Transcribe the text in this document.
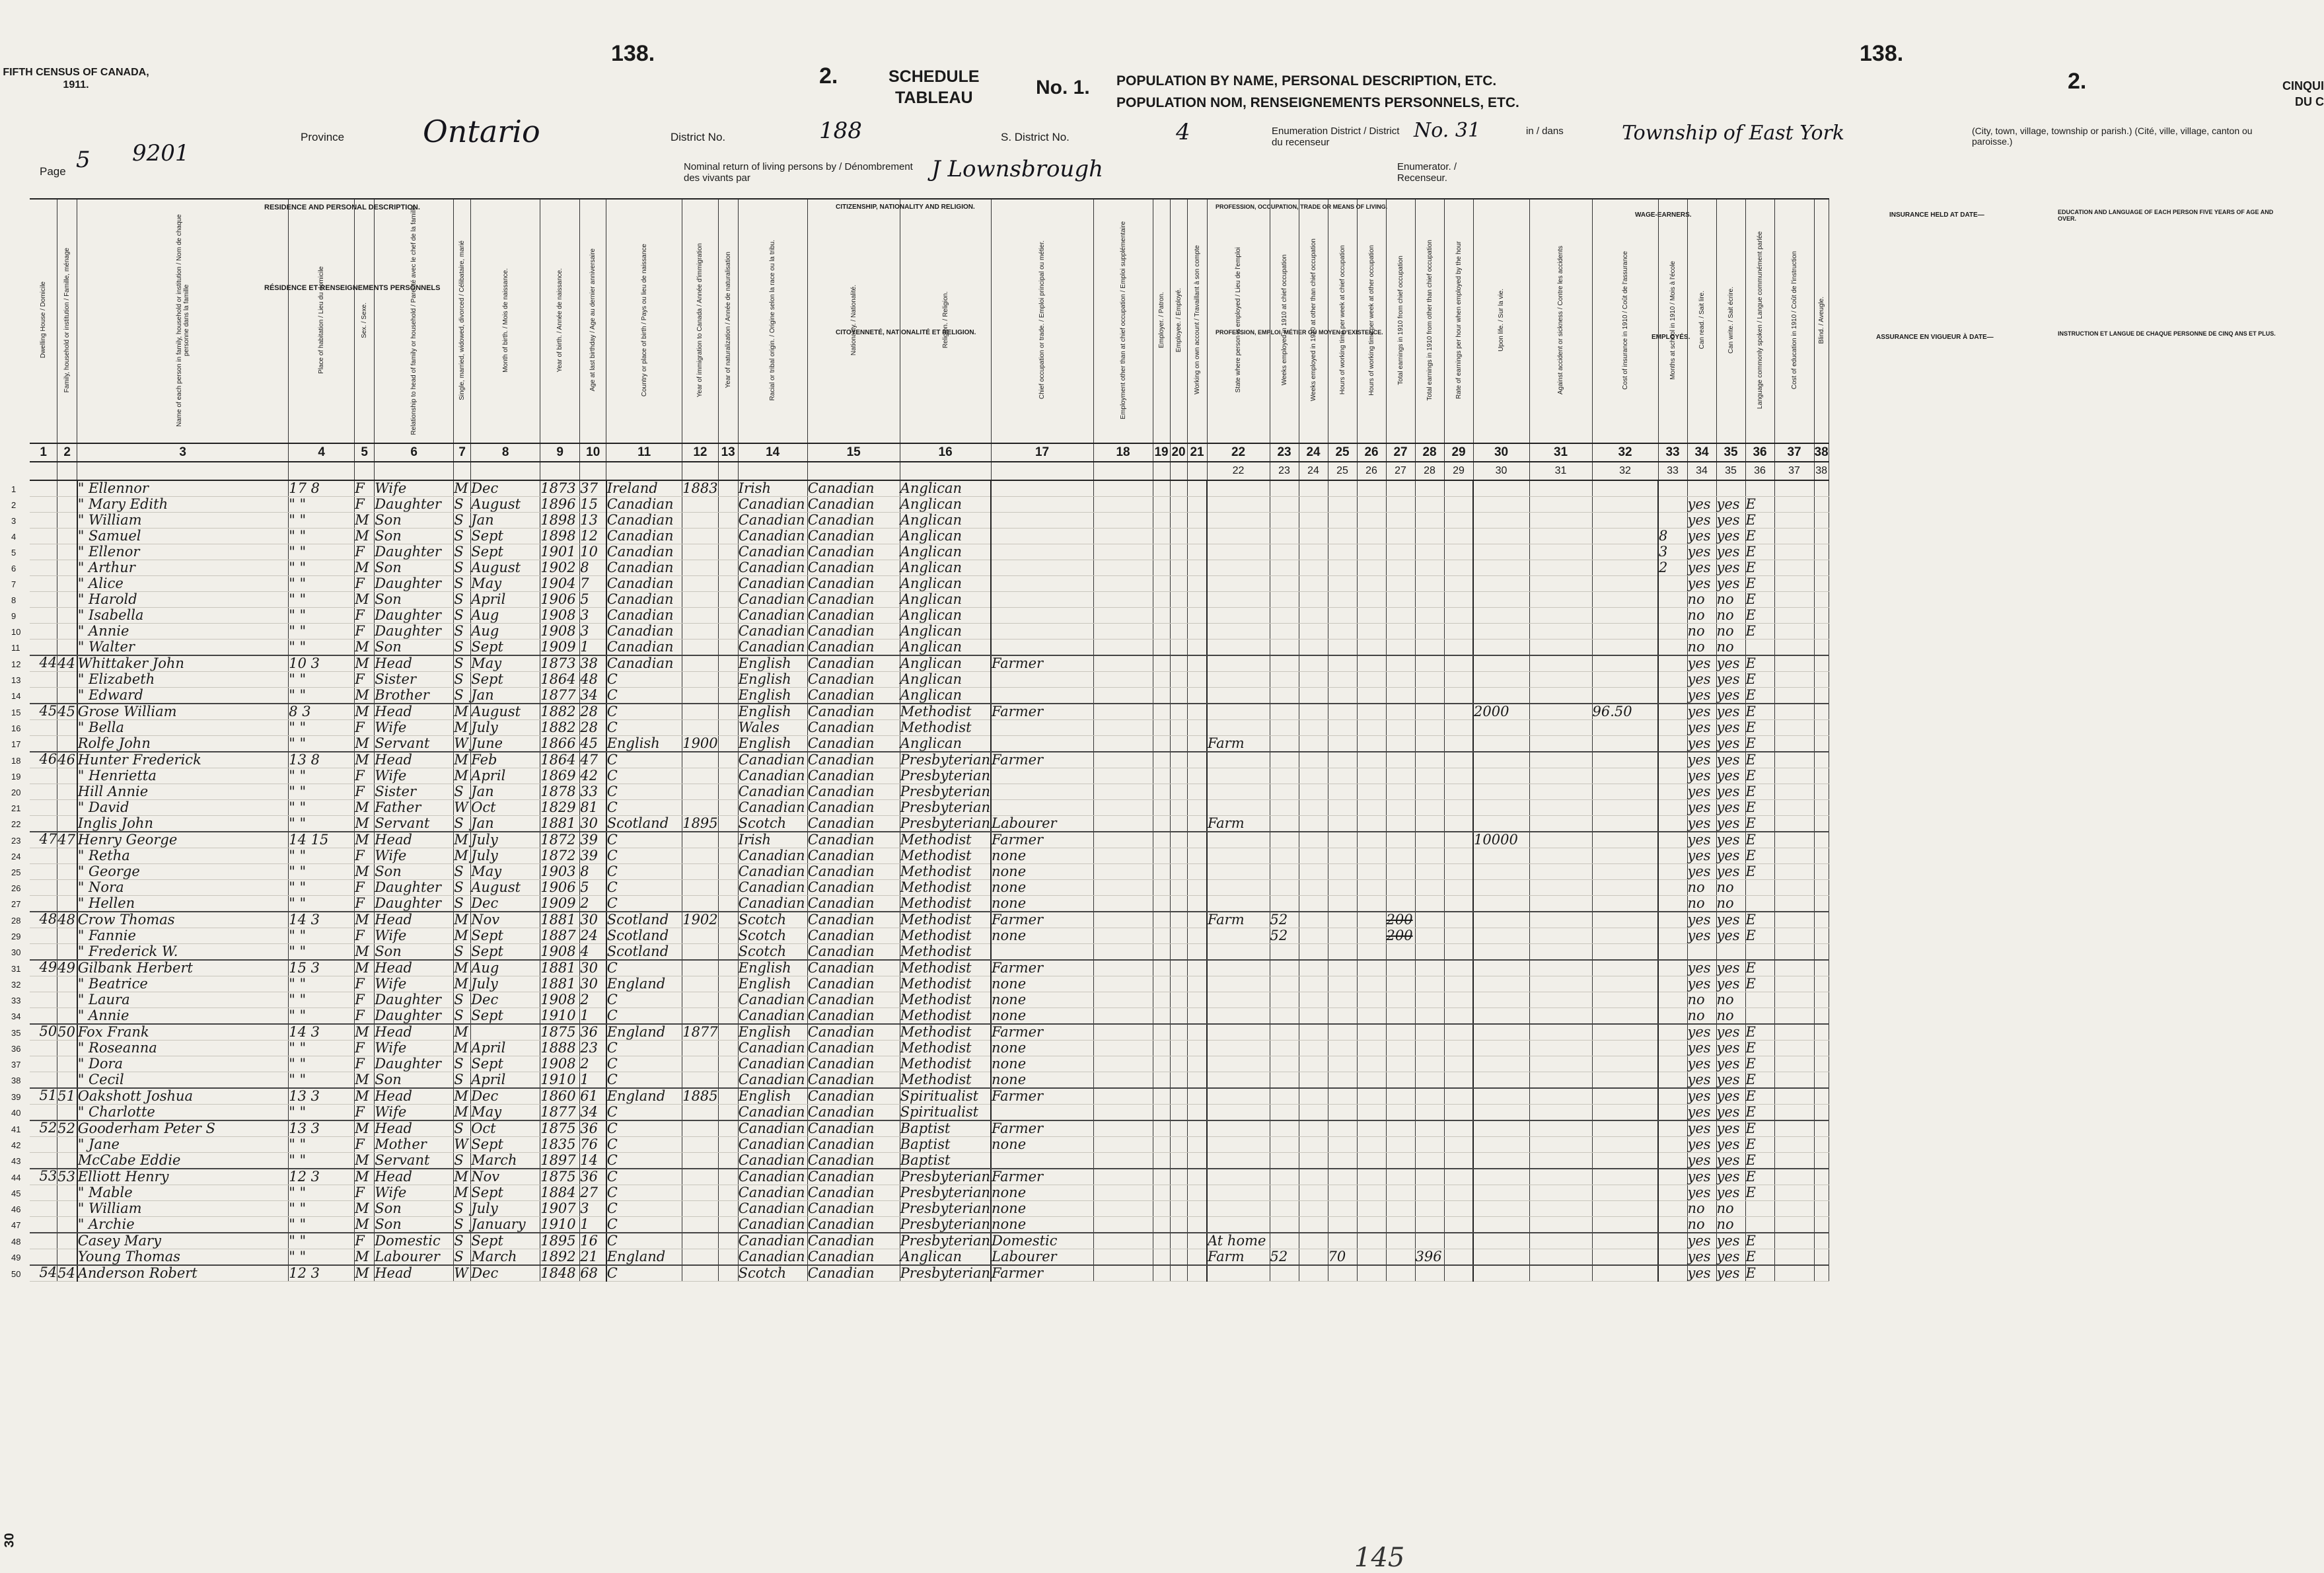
FIFTH CENSUS OF CANADA, 1911.
138.	138.
2.	2.
SCHEDULE
TABLEAU	No. 1. POPULATION BY NAME, PERSONAL DESCRIPTION, ETC.
POPULATION NOM, RENSEIGNEMENTS PERSONNELS, ETC.
CINQUI DU C
Page 5 9201
Province	Ontario	District No.	188	S. District No.	4	Enumeration District / District du recenseur
No. 31	in / dans	Township of East York	(City, town, village, township or parish.) (Cité, ville, village, canton ou paroisse.)
Nominal return of living persons by / Dénombrement des vivants par	J Lownsbrough	Enumerator. / Recenseur.
RESIDENCE AND PERSONAL DESCRIPTION.
RÉSIDENCE ET RENSEIGNEMENTS PERSONNELS
CITIZENSHIP, NATIONALITY AND RELIGION.
CITOYENNETÉ, NATIONALITÉ ET RELIGION.
PROFESSION, OCCUPATION, TRADE OR MEANS OF LIVING.
PROFESSION, EMPLOI, MÉTIER OU MOYEN D'EXISTENCE.
WAGE-EARNERS.
EMPLOYÉS.
INSURANCE HELD AT DATE—
ASSURANCE EN VIGUEUR À DATE—
EDUCATION AND LANGUAGE OF EACH PERSON FIVE YEARS OF AGE AND OVER.
INSTRUCTION ET LANGUE DE CHAQUE PERSONNE DE CINQ ANS ET PLUS.
Dwelling House / Domicile	Family, household or institution / Famille, ménage	Name of each person in family, household or institution / Nom de chaque personne dans la famille	Place of habitation / Lieu du domicile	Sex. / Sexe.	Relationship to head of family or household / Parenté avec le chef de la famille	Single, married, widowed, divorced / Célibataire, marié	Month of birth. / Mois de naissance.	Year of birth. / Année de naissance.	Age at last birthday / Age au dernier anniversaire	Country or place of birth / Pays ou lieu de naissance	Year of immigration to Canada / Année d'immigration	Year of naturalization / Année de naturalisation	Racial or tribal origin. / Origine selon la race ou la tribu.	Nationality. / Nationalité.	Religion. / Religion.	Chief occupation or trade. / Emploi principal ou métier.	Employment other than at chief occupation / Emploi supplémentaire	Employer. / Patron.	Employee. / Employé.	Working on own account / Travaillant à son compte	State where person is employed / Lieu de l'emploi	Weeks employed in 1910 at chief occupation	Weeks employed in 1910 at other than chief occupation	Hours of working time per week at chief occupation	Hours of working time per week at other occupation	Total earnings in 1910 from chief occupation	Total earnings in 1910 from other than chief occupation	Rate of earnings per hour when employed by the hour	Upon life. / Sur la vie.	Against accident or sickness / Contre les accidents	Cost of insurance in 1910 / Coût de l'assurance	Months at school in 1910 / Mois à l'école	Can read. / Sait lire.	Can write. / Sait écrire.	Language commonly spoken / Langue communément parlée	Cost of education in 1910 / Coût de l'instruction	Blind. / Aveugle.
1	2	3	4	5	6	7	8	9	10	11	12	13	14	15	16	17	18	19	20	21	22	23	24	25	26	27	28	29	30	31	32	33	34	35	36	37	38
																					22	23	24	25	26	27	28	29	30	31	32	33	34	35	36	37	38
1		" Ellennor	17 8	F	Wife	M	Dec	1873	37	Ireland	1883		Irish	Canadian	Anglican																						
2		" Mary Edith	" "	F	Daughter	S	August	1896	15	Canadian			Canadian	Canadian	Anglican																		yes	yes	E		
3		" William	" "	M	Son	S	Jan	1898	13	Canadian			Canadian	Canadian	Anglican																		yes	yes	E		
4		" Samuel	" "	M	Son	S	Sept	1898	12	Canadian			Canadian	Canadian	Anglican																	8	yes	yes	E		
5		" Ellenor	" "	F	Daughter	S	Sept	1901	10	Canadian			Canadian	Canadian	Anglican																	3	yes	yes	E		
6		" Arthur	" "	M	Son	S	August	1902	8	Canadian			Canadian	Canadian	Anglican																	2	yes	yes	E		
7		" Alice	" "	F	Daughter	S	May	1904	7	Canadian			Canadian	Canadian	Anglican																		yes	yes	E		
8		" Harold	" "	M	Son	S	April	1906	5	Canadian			Canadian	Canadian	Anglican																		no	no	E		
9		" Isabella	" "	F	Daughter	S	Aug	1908	3	Canadian			Canadian	Canadian	Anglican																		no	no	E		
10		" Annie	" "	F	Daughter	S	Aug	1908	3	Canadian			Canadian	Canadian	Anglican																		no	no	E		
11		" Walter	" "	M	Son	S	Sept	1909	1	Canadian			Canadian	Canadian	Anglican																		no	no			
12 44	44	Whittaker John	10 3	M	Head	S	May	1873	38	Canadian			English	Canadian	Anglican	Farmer																	yes	yes	E		
13		" Elizabeth	" "	F	Sister	S	Sept	1864	48	C			English	Canadian	Anglican																		yes	yes	E		
14		" Edward	" "	M	Brother	S	Jan	1877	34	C			English	Canadian	Anglican																		yes	yes	E		
15 45	45	Grose William	8 3	M	Head	M	August	1882	28	C			English	Canadian	Methodist	Farmer													2000		96.50		yes	yes	E		
16		" Bella	" "	F	Wife	M	July	1882	28	C			Wales	Canadian	Methodist																		yes	yes	E		
17		Rolfe John	" "	M	Servant	W	June	1866	45	English	1900		English	Canadian	Anglican						Farm												yes	yes	E		
18 46	46	Hunter Frederick	13 8	M	Head	M	Feb	1864	47	C			Canadian	Canadian	Presbyterian	Farmer																	yes	yes	E		
19		" Henrietta	" "	F	Wife	M	April	1869	42	C			Canadian	Canadian	Presbyterian																		yes	yes	E		
20		Hill Annie	" "	F	Sister	S	Jan	1878	33	C			Canadian	Canadian	Presbyterian																		yes	yes	E		
21		" David	" "	M	Father	W	Oct	1829	81	C			Canadian	Canadian	Presbyterian																		yes	yes	E		
22		Inglis John	" "	M	Servant	S	Jan	1881	30	Scotland	1895		Scotch	Canadian	Presbyterian	Labourer					Farm												yes	yes	E		
23 47	47	Henry George	14 15	M	Head	M	July	1872	39	C			Irish	Canadian	Methodist	Farmer													10000				yes	yes	E		
24		" Retha	" "	F	Wife	M	July	1872	39	C			Canadian	Canadian	Methodist	none																	yes	yes	E		
25		" George	" "	M	Son	S	May	1903	8	C			Canadian	Canadian	Methodist	none																	yes	yes	E		
26		" Nora	" "	F	Daughter	S	August	1906	5	C			Canadian	Canadian	Methodist	none																	no	no			
27		" Hellen	" "	F	Daughter	S	Dec	1909	2	C			Canadian	Canadian	Methodist	none																	no	no			
28 48	48	Crow Thomas	14 3	M	Head	M	Nov	1881	30	Scotland	1902		Scotch	Canadian	Methodist	Farmer					Farm	52				200							yes	yes	E		
29		" Fannie	" "	F	Wife	M	Sept	1887	24	Scotland			Scotch	Canadian	Methodist	none						52				200							yes	yes	E		
30		" Frederick W.	" "	M	Son	S	Sept	1908	4	Scotland			Scotch	Canadian	Methodist																						
31 49	49	Gilbank Herbert	15 3	M	Head	M	Aug	1881	30	C			English	Canadian	Methodist	Farmer																	yes	yes	E		
32		" Beatrice	" "	F	Wife	M	July	1881	30	England			English	Canadian	Methodist	none																	yes	yes	E		
33		" Laura	" "	F	Daughter	S	Dec	1908	2	C			Canadian	Canadian	Methodist	none																	no	no			
34		" Annie	" "	F	Daughter	S	Sept	1910	1	C			Canadian	Canadian	Methodist	none																	no	no			
35 50	50	Fox Frank	14 3	M	Head	M		1875	36	England	1877		English	Canadian	Methodist	Farmer																	yes	yes	E		
36		" Roseanna	" "	F	Wife	M	April	1888	23	C			Canadian	Canadian	Methodist	none																	yes	yes	E		
37		" Dora	" "	F	Daughter	S	Sept	1908	2	C			Canadian	Canadian	Methodist	none																	yes	yes	E		
38		" Cecil	" "	M	Son	S	April	1910	1	C			Canadian	Canadian	Methodist	none																	yes	yes	E		
39 51	51	Oakshott Joshua	13 3	M	Head	M	Dec	1860	61	England	1885		English	Canadian	Spiritualist	Farmer																	yes	yes	E		
40		" Charlotte	" "	F	Wife	M	May	1877	34	C			Canadian	Canadian	Spiritualist																		yes	yes	E		
41 52	52	Gooderham Peter S	13 3	M	Head	S	Oct	1875	36	C			Canadian	Canadian	Baptist	Farmer																	yes	yes	E		
42		" Jane	" "	F	Mother	W	Sept	1835	76	C			Canadian	Canadian	Baptist	none																	yes	yes	E		
43		McCabe Eddie	" "	M	Servant	S	March	1897	14	C			Canadian	Canadian	Baptist																		yes	yes	E		
44 53	53	Elliott Henry	12 3	M	Head	M	Nov	1875	36	C			Canadian	Canadian	Presbyterian	Farmer																	yes	yes	E		
45		" Mable	" "	F	Wife	M	Sept	1884	27	C			Canadian	Canadian	Presbyterian	none																	yes	yes	E		
46		" William	" "	M	Son	S	July	1907	3	C			Canadian	Canadian	Presbyterian	none																	no	no			
47		" Archie	" "	M	Son	S	January	1910	1	C			Canadian	Canadian	Presbyterian	none																	no	no			
48		Casey Mary	" "	F	Domestic	S	Sept	1895	16	C			Canadian	Canadian	Presbyterian	Domestic					At home												yes	yes	E		
49		Young Thomas	" "	M	Labourer	S	March	1892	21	England			Canadian	Canadian	Anglican	Labourer					Farm	52		70			396						yes	yes	E		
50 54	54	Anderson Robert	12 3	M	Head	W	Dec	1848	68	C			Scotch	Canadian	Presbyterian	Farmer																	yes	yes	E		
30
145
